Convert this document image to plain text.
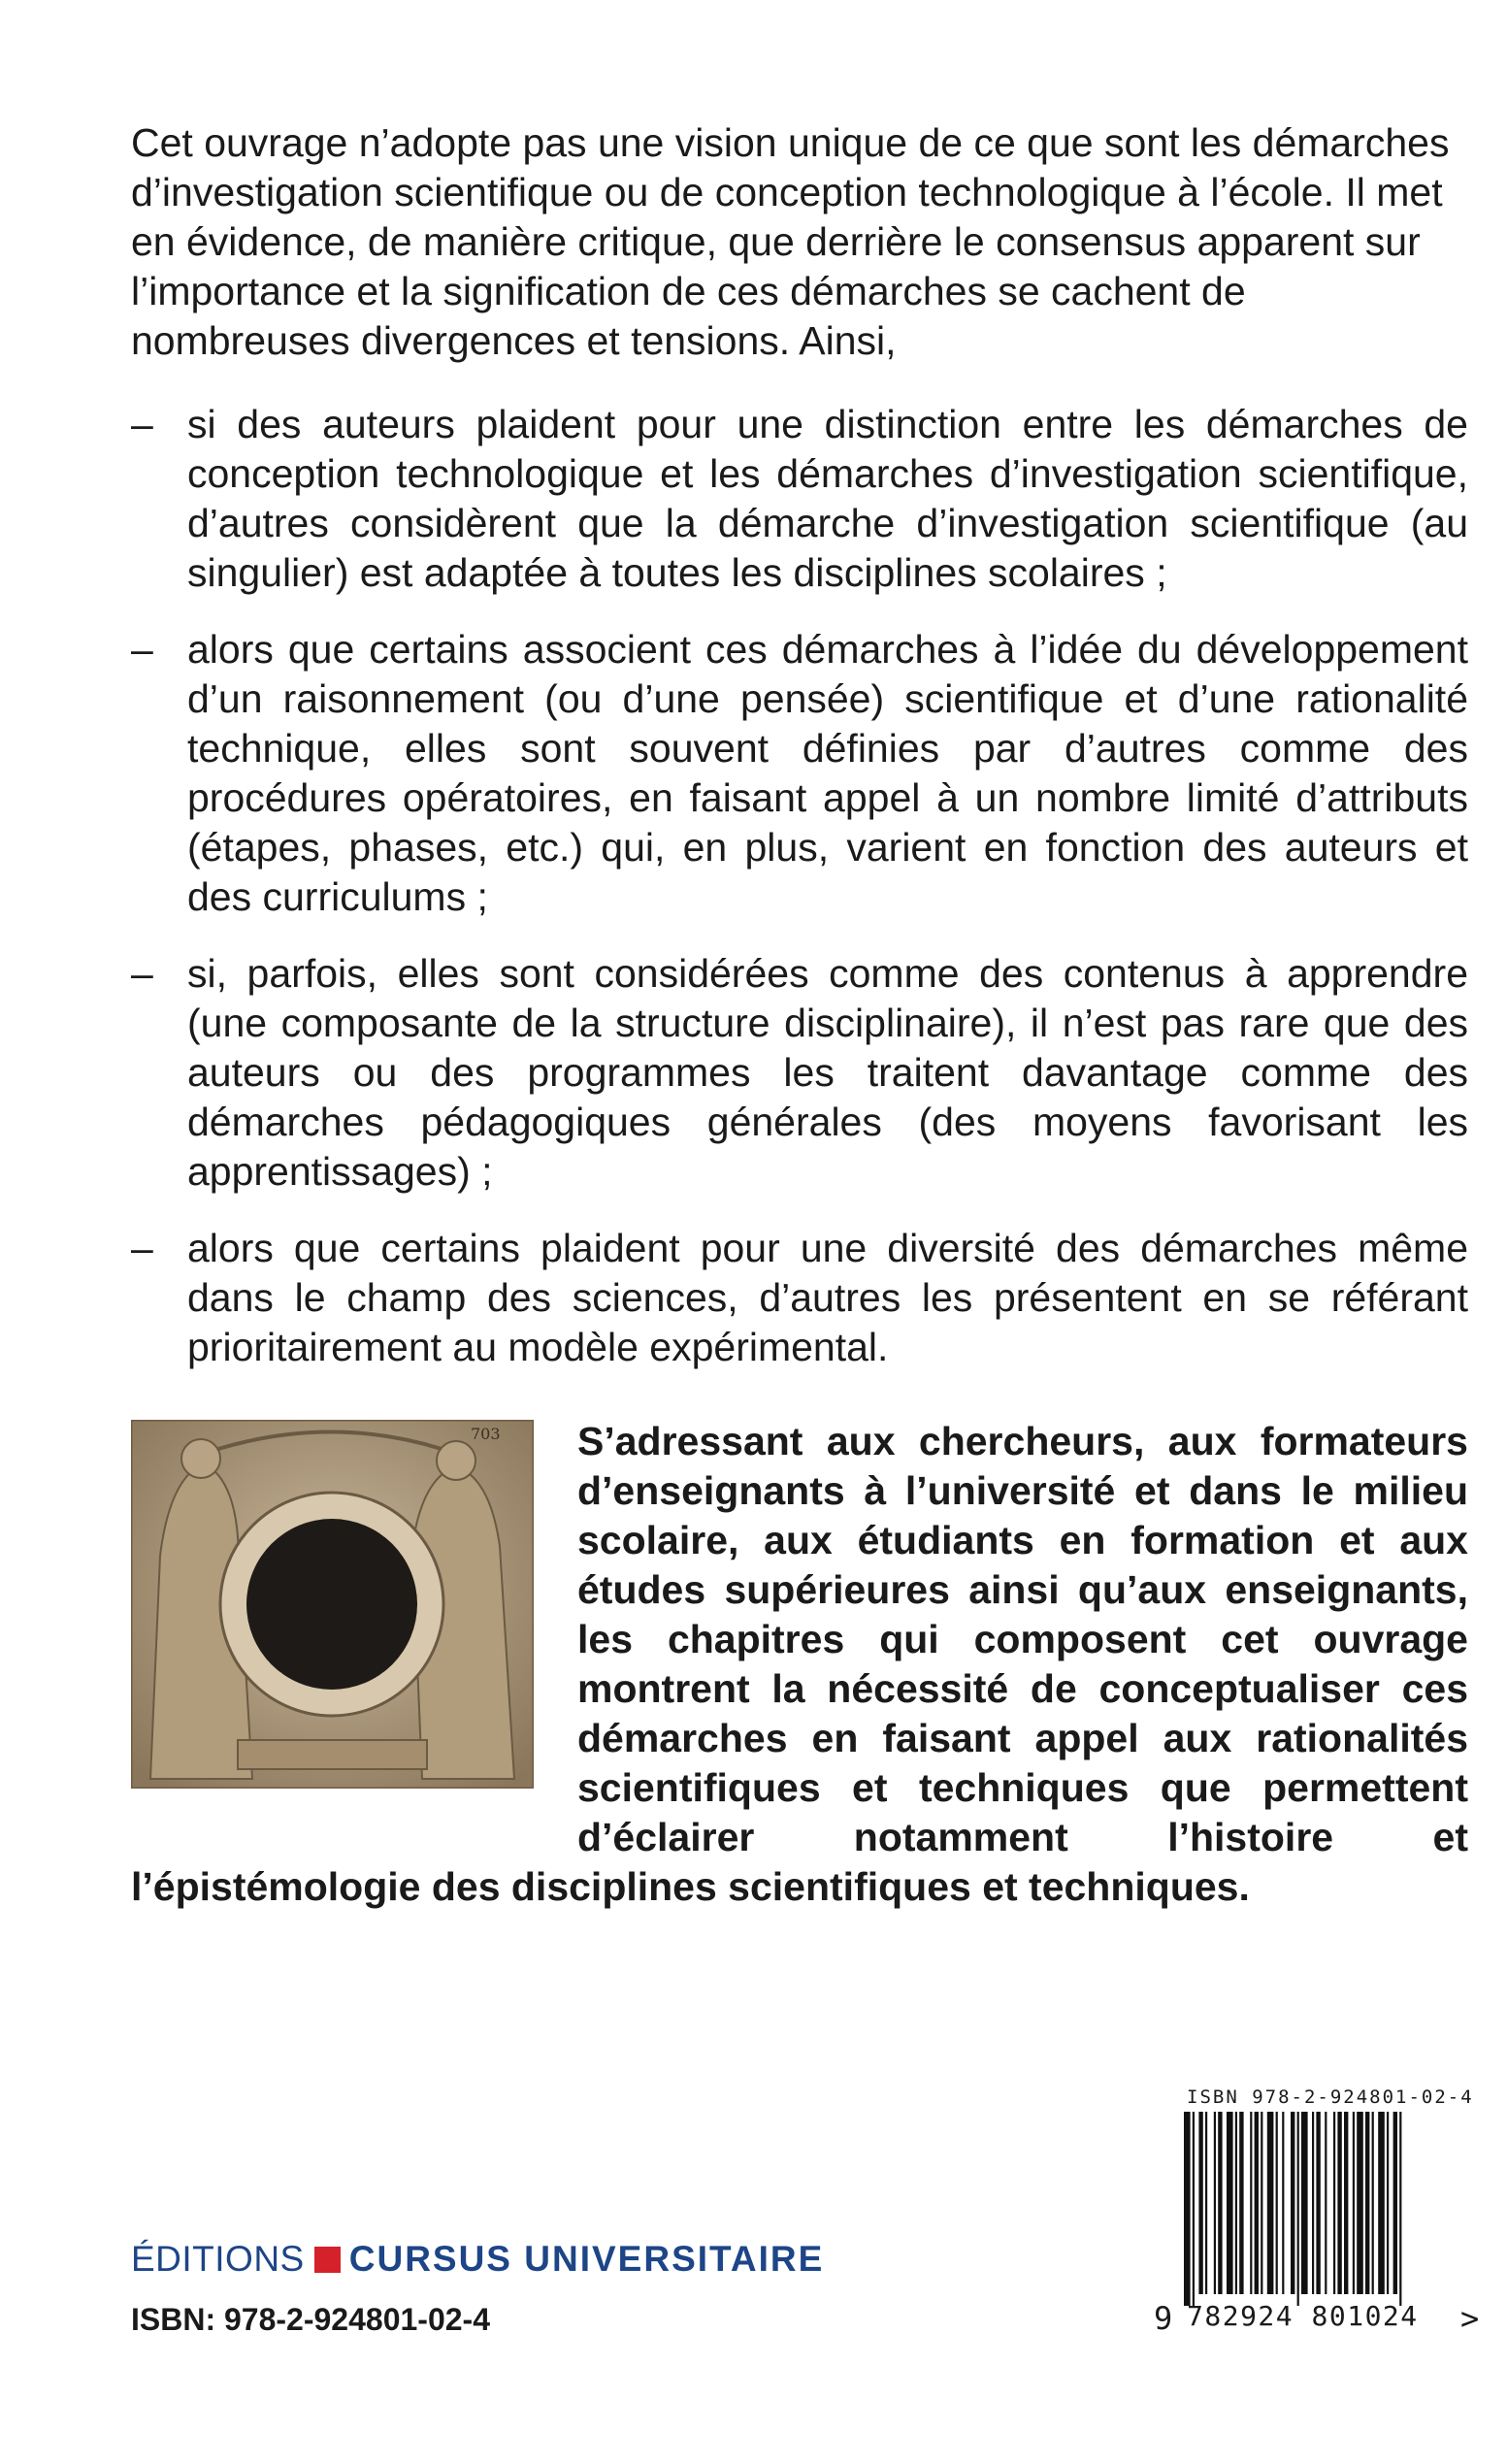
Cet ouvrage n’adopte pas une vision unique de ce que sont les démarches d’investigation scientifique ou de conception technologique à l’école. Il met en évidence, de manière critique, que derrière le consensus apparent sur l’importance et la signification de ces démarches se cachent de nombreuses divergences et tensions. Ainsi,

– si des auteurs plaident pour une distinction entre les démarches de conception technologique et les démarches d’investigation scientifique, d’autres considèrent que la démarche d’investigation scientifique (au singulier) est adaptée à toutes les disciplines scolaires ;
– alors que certains associent ces démarches à l’idée du développement d’un raisonnement (ou d’une pensée) scientifique et d’une rationalité technique, elles sont souvent définies par d’autres comme des procédures opératoires, en faisant appel à un nombre limité d’attributs (étapes, phases, etc.) qui, en plus, varient en fonction des auteurs et des curriculums ;
– si, parfois, elles sont considérées comme des contenus à apprendre (une composante de la structure disciplinaire), il n’est pas rare que des auteurs ou des programmes les traitent davantage comme des démarches pédagogiques générales (des moyens favorisant les apprentissages) ;
– alors que certains plaident pour une diversité des démarches même dans le champ des sciences, d’autres les présentent en se référant prioritairement au modèle expérimental.
703	S’adressant aux chercheurs, aux formateurs d’enseignants à l’université et dans le milieu scolaire, aux étudiants en formation et aux études supérieures ainsi qu’aux enseignants, les chapitres qui composent cet ouvrage montrent la nécessité de conceptualiser ces démarches en faisant appel aux rationalités scientifiques et techniques que permettent d’éclairer notamment l’histoire et l’épistémologie des disciplines scientifiques et techniques.
ÉDITIONS CURSUS UNIVERSITAIRE
ISBN: 978-2-924801-02-4
ISBN 978-2-924801-02-4
9 782924 801024	>
